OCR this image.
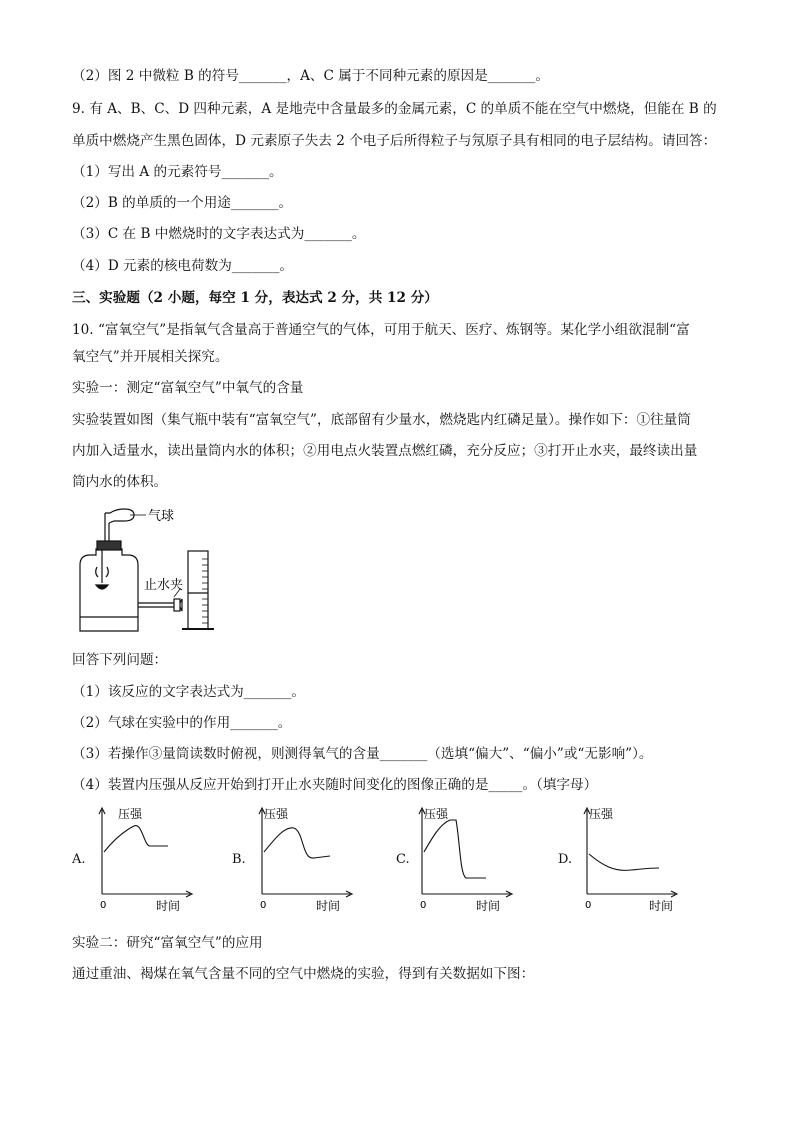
（2）图 2 中微粒 B 的符号_______，A、C 属于不同种元素的原因是_______。
9. 有 A、B、C、D 四种元素，A 是地壳中含量最多的金属元素，C 的单质不能在空气中燃烧，但能在 B 的
单质中燃烧产生黑色固体，D 元素原子失去 2 个电子后所得粒子与氖原子具有相同的电子层结构。请回答：
（1）写出 A 的元素符号_______。
（2）B 的单质的一个用途_______。
（3）C 在 B 中燃烧时的文字表达式为_______。
（4）D 元素的核电荷数为_______。
三、实验题（2 小题，每空 1 分，表达式 2 分，共 12 分）
10. “富氧空气”是指氧气含量高于普通空气的气体，可用于航天、医疗、炼钢等。某化学小组欲混制“富
氧空气”并开展相关探究。
实验一：测定“富氧空气”中氧气的含量
实验装置如图（集气瓶中装有“富氧空气”，底部留有少量水，燃烧匙内红磷足量）。操作如下：①往量筒
内加入适量水，读出量筒内水的体积；②用电点火装置点燃红磷，充分反应；③打开止水夹，最终读出量
筒内水的体积。
气球
止水夹
回答下列问题：
（1）该反应的文字表达式为_______。
（2）气球在实验中的作用_______。
（3）若操作③量筒读数时俯视，则测得氧气的含量_______（选填“偏大”、“偏小”或“无影响”）。
（4）装置内压强从反应开始到打开止水夹随时间变化的图像正确的是_____。（填字母）
A.
压强
时间
0
B.
压强
时间
0
C.
压强
时间
0
D.
压强
时间
0
实验二：研究“富氧空气”的应用
通过重油、褐煤在氧气含量不同的空气中燃烧的实验，得到有关数据如下图：
